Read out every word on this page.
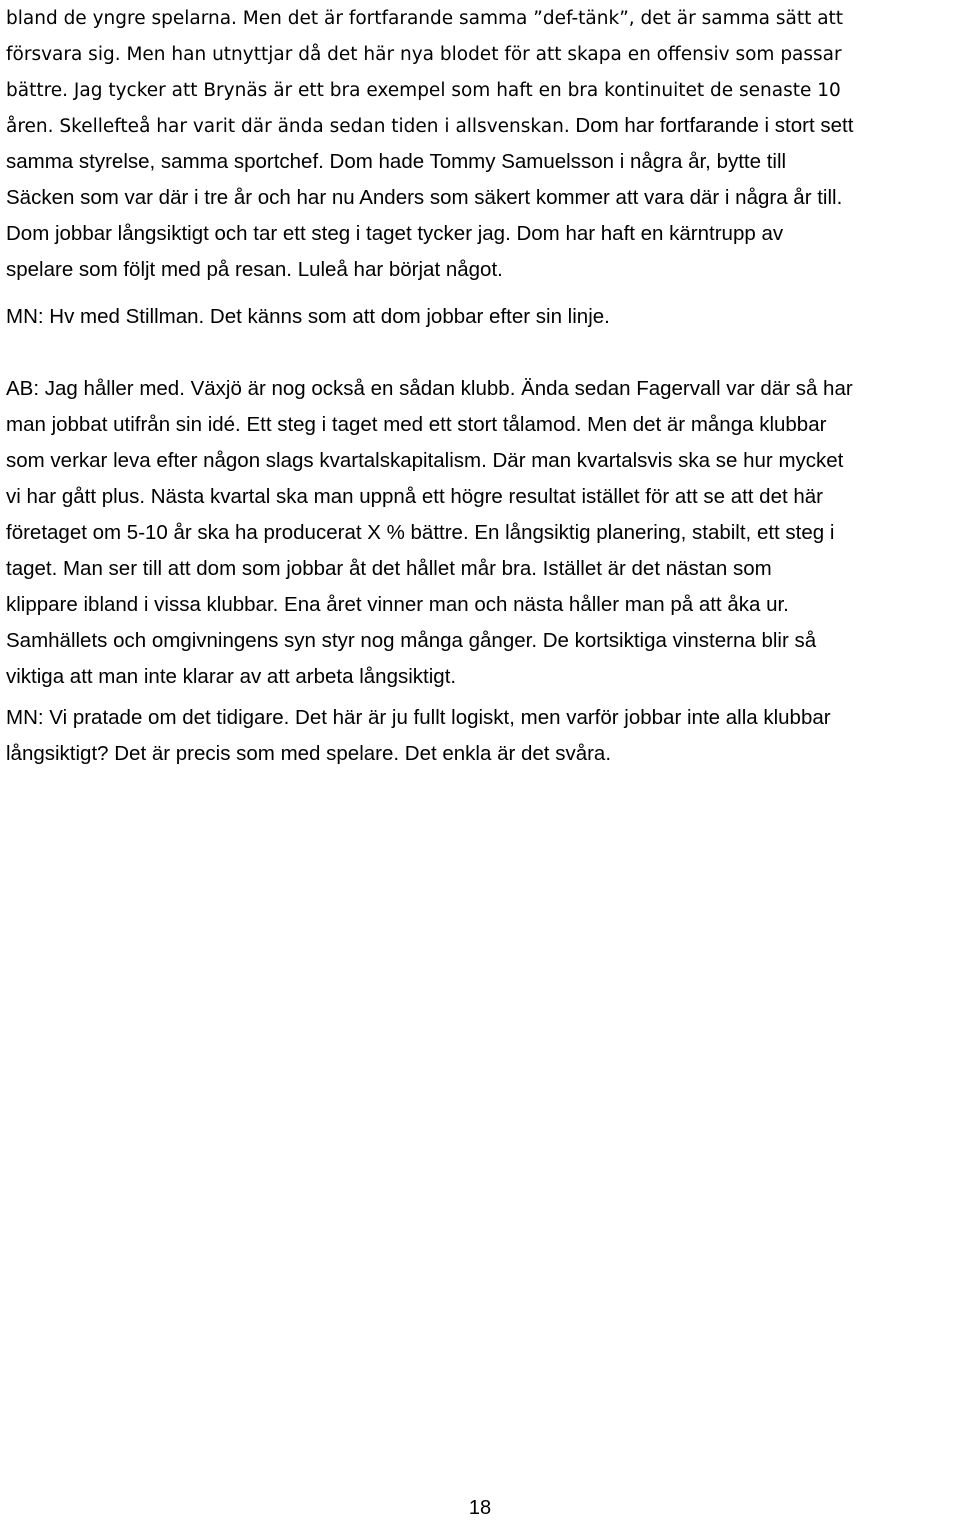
bland de yngre spelarna. Men det är fortfarande samma ”def-tänk”, det är samma sätt att
försvara sig. Men han utnyttjar då det här nya blodet för att skapa en offensiv som passar
bättre. Jag tycker att Brynäs är ett bra exempel som haft en bra kontinuitet de senaste 10
åren. Skellefteå har varit där ända sedan tiden i allsvenskan. Dom har fortfarande i stort sett
samma styrelse, samma sportchef. Dom hade Tommy Samuelsson i några år, bytte till
Säcken som var där i tre år och har nu Anders som säkert kommer att vara där i några år till.
Dom jobbar långsiktigt och tar ett steg i taget tycker jag. Dom har haft en kärntrupp av
spelare som följt med på resan. Luleå har börjat något.

MN: Hv med Stillman. Det känns som att dom jobbar efter sin linje.

AB: Jag håller med. Växjö är nog också en sådan klubb. Ända sedan Fagervall var där så har
man jobbat utifrån sin idé. Ett steg i taget med ett stort tålamod. Men det är många klubbar
som verkar leva efter någon slags kvartalskapitalism. Där man kvartalsvis ska se hur mycket
vi har gått plus. Nästa kvartal ska man uppnå ett högre resultat istället för att se att det här
företaget om 5-10 år ska ha producerat X % bättre. En långsiktig planering, stabilt, ett steg i
taget. Man ser till att dom som jobbar åt det hållet mår bra. Istället är det nästan som
klippare ibland i vissa klubbar. Ena året vinner man och nästa håller man på att åka ur.
Samhällets och omgivningens syn styr nog många gånger. De kortsiktiga vinsterna blir så
viktiga att man inte klarar av att arbeta långsiktigt.

MN: Vi pratade om det tidigare. Det här är ju fullt logiskt, men varför jobbar inte alla klubbar
långsiktigt? Det är precis som med spelare. Det enkla är det svåra.

18
